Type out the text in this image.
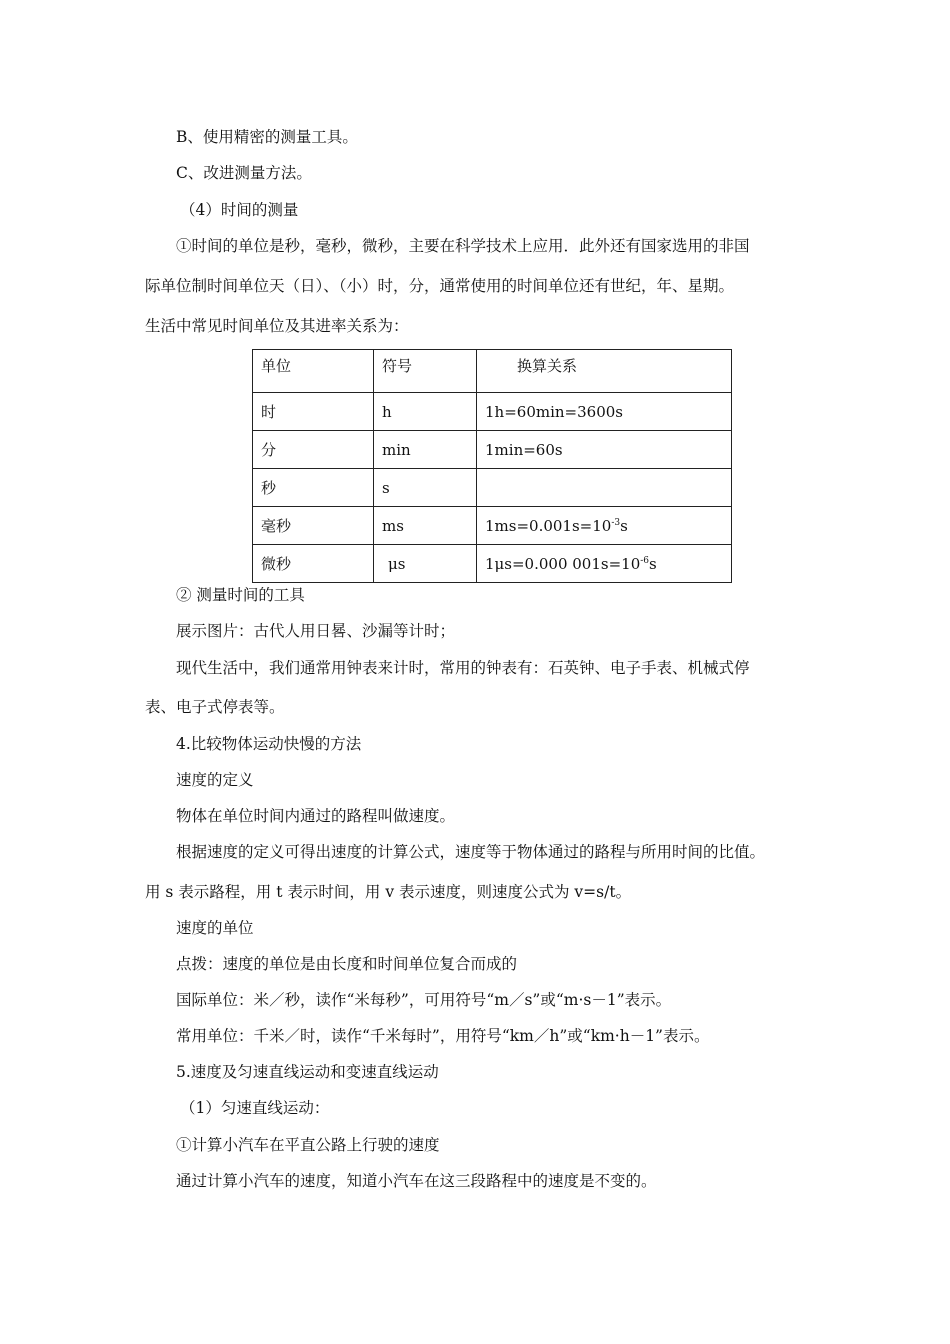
B、使用精密的测量工具。
C、改进测量方法。
（4）时间的测量
①时间的单位是秒，毫秒，微秒，主要在科学技术上应用．此外还有国家选用的非国
际单位制时间单位天（日）、（小）时，分，通常使用的时间单位还有世纪，年、星期。
生活中常见时间单位及其进率关系为：
单位	符号	换算关系
时	h	1h=60min=3600s
分	min	1min=60s
秒	s	
毫秒	ms	$1ms=0.001s=10^{-3}s$
微秒	μs	1μs=0.000 $001s=10^{-6}s$
② 测量时间的工具
展示图片：古代人用日晷、沙漏等计时；
现代生活中，我们通常用钟表来计时，常用的钟表有：石英钟、电子手表、机械式停
表、电子式停表等。
4.比较物体运动快慢的方法
速度的定义
物体在单位时间内通过的路程叫做速度。
根据速度的定义可得出速度的计算公式，速度等于物体通过的路程与所用时间的比值。
用 s 表示路程，用 t 表示时间，用 v 表示速度，则速度公式为 v=s/t。
速度的单位
点拨：速度的单位是由长度和时间单位复合而成的
国际单位：米／秒，读作“米每秒”，可用符号“m／s”或“m·s－1”表示。
常用单位：千米／时，读作“千米每时”，用符号“km／h”或“km·h－1”表示。
5.速度及匀速直线运动和变速直线运动
（1）匀速直线运动：
①计算小汽车在平直公路上行驶的速度
通过计算小汽车的速度，知道小汽车在这三段路程中的速度是不变的。
